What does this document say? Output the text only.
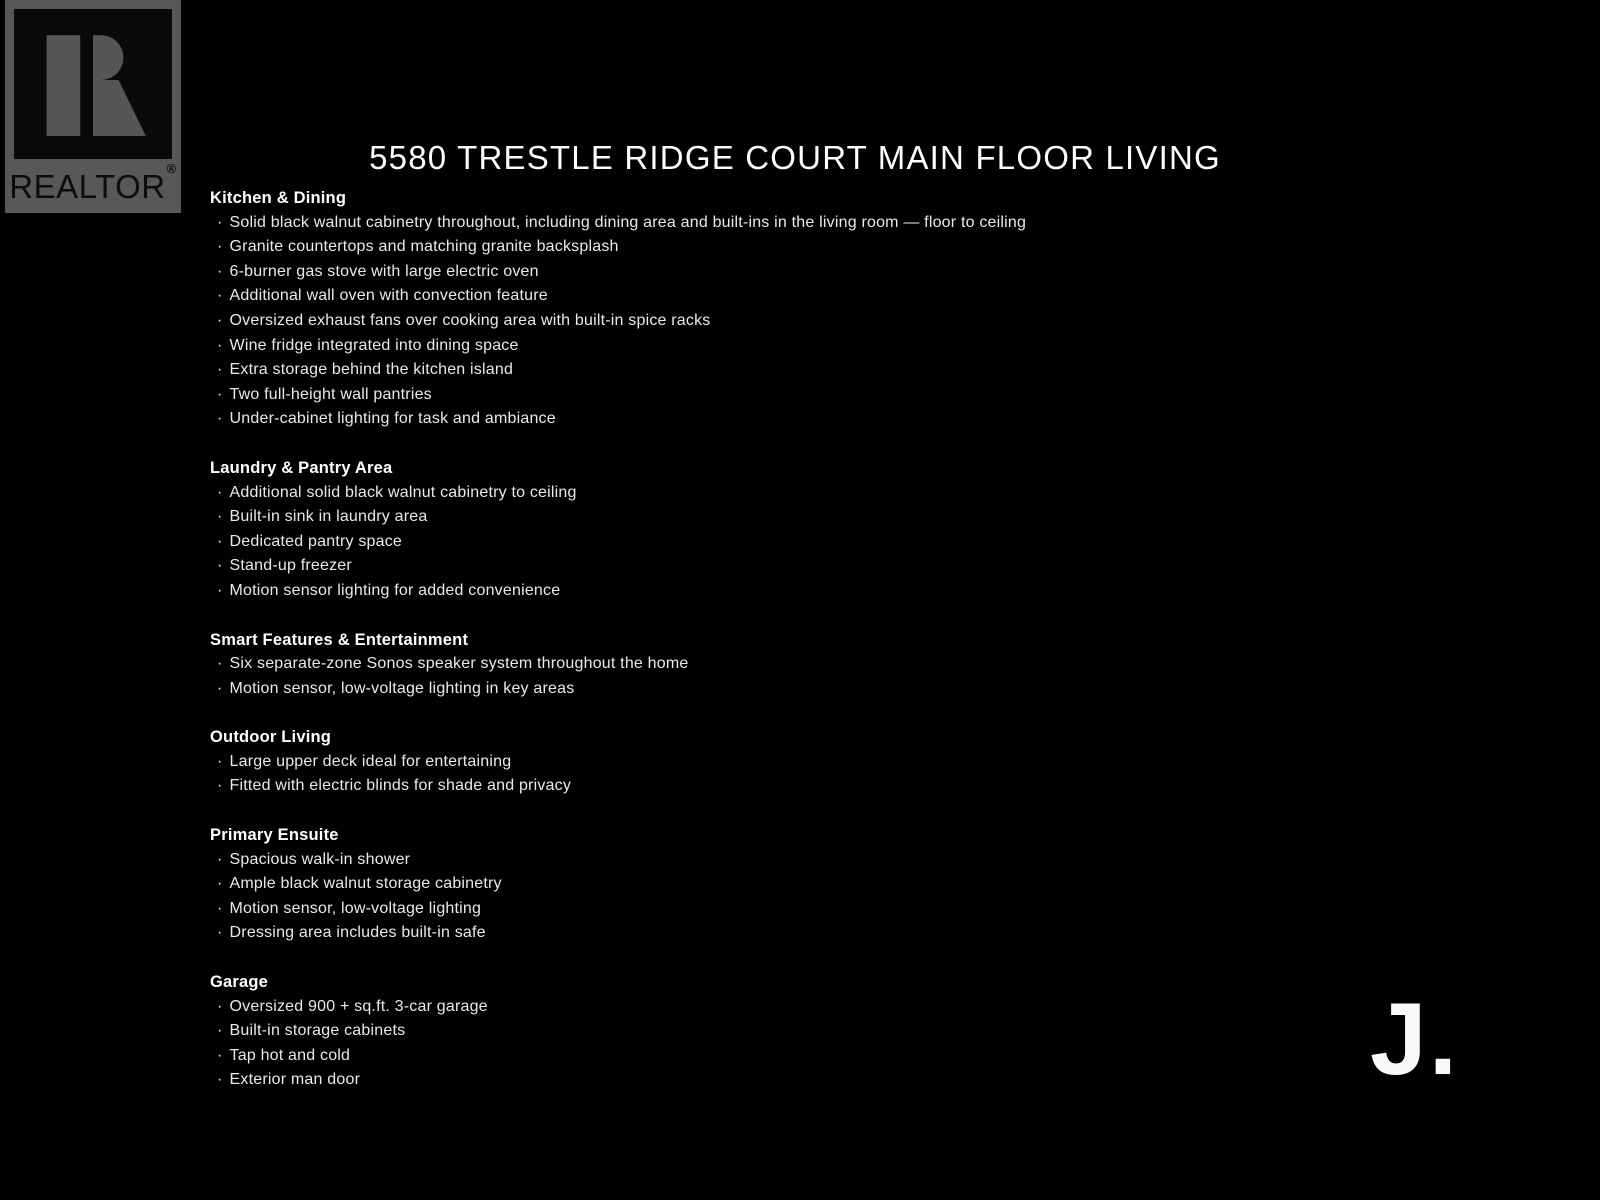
REALTOR ®	5580 TRESTLE RIDGE COURT MAIN FLOOR LIVING
Kitchen & Dining
· Solid black walnut cabinetry throughout, including dining area and built-ins in the living room — floor to ceiling
· Granite countertops and matching granite backsplash
· 6-burner gas stove with large electric oven
· Additional wall oven with convection feature
· Oversized exhaust fans over cooking area with built-in spice racks
· Wine fridge integrated into dining space
· Extra storage behind the kitchen island
· Two full-height wall pantries
· Under-cabinet lighting for task and ambiance
Laundry & Pantry Area
· Additional solid black walnut cabinetry to ceiling
· Built-in sink in laundry area
· Dedicated pantry space
· Stand-up freezer
· Motion sensor lighting for added convenience
Smart Features & Entertainment
· Six separate-zone Sonos speaker system throughout the home
· Motion sensor, low-voltage lighting in key areas
Outdoor Living
· Large upper deck ideal for entertaining
· Fitted with electric blinds for shade and privacy
Primary Ensuite
· Spacious walk-in shower
· Ample black walnut storage cabinetry
· Motion sensor, low-voltage lighting
· Dressing area includes built-in safe
Garage
· Oversized 900 + sq.ft. 3-car garage
· Built-in storage cabinets
· Tap hot and cold
· Exterior man door	J.
